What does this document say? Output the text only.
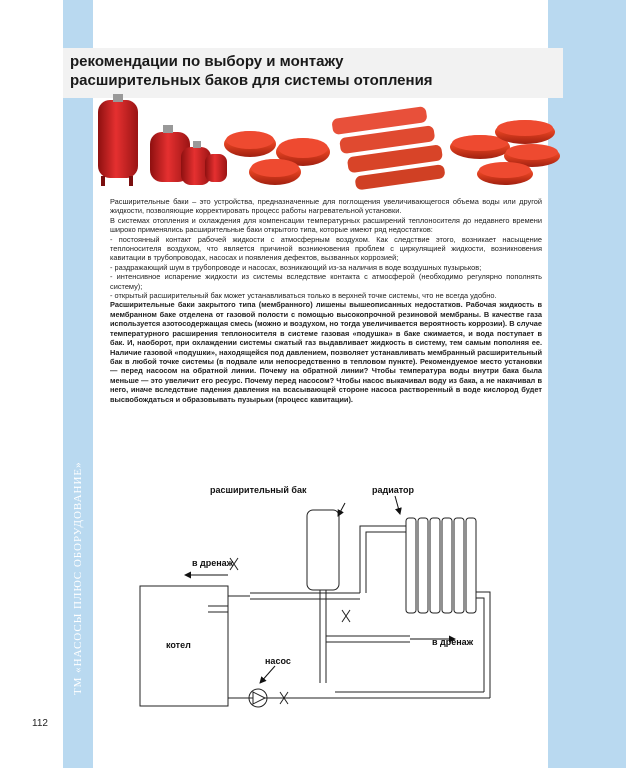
ТМ «НАСОСЫ ПЛЮС ОБОРУДОВАНИЕ»
рекомендации по выбору и монтажу
расширительных баков для системы отопления

Расширительные баки – это устройства, предназначенные для поглощения увеличивающегося объема воды или другой жидкости, позволяющие корректировать процесс работы нагревательной установки.

В системах отопления и охлаждения для компенсации температурных расширений теплоносителя до недавнего времени широко применялись расширительные баки открытого типа, которые имеют ряд недостатков:

- постоянный контакт рабочей жидкости с атмосферным воздухом. Как следствие этого, возникает насыщение теплоносителя воздухом, что является причиной возникновения проблем с циркулящией жидкости, возникновения кавитации в трубопроводах, насосах и появления дефектов, вызванных коррозией;

- раздражающий шум в трубопроводе и насосах, возникающий из-за наличия в воде воздушных пузырьков;

- интенсивное испарение жидкости из системы вследствие контакта с атмосферой (необходимо регулярно пополнять систему);

- открытый расширительный бак может устанавливаться только в верхней точке системы, что не всегда удобно.

Расширительные баки закрытого типа (мембранного) лишены вышеописанных недостатков. Рабочая жидкость в мембранном баке отделена от газовой полости с помощью высокопрочной резиновой мембраны. В качестве газа используется азотосодержащая смесь (можно и воздухом, но тогда увеличивается вероятность коррозии). В случае температурного расширения теплоносителя в системе газовая «подушка» в баке сжимается, и вода поступает в бак. И, наоборот, при охлаждении системы сжатый газ выдавливает жидкость в систему, тем самым пополняя ее. Наличие газовой «подушки», находящейся под давлением, позволяет устанавливать мембранный расширительный бак в любой точке системы (в подвале или непосредственно в тепловом пункте). Рекомендуемое место установки — перед насосом на обратной линии. Почему на обратной линии? Чтобы температура воды внутри бака была меньше — это увеличит его ресурс. Почему перед насосом? Чтобы насос выкачивал воду из бака, а не накачивал в него, иначе вследствие падения давления на всасывающей стороне насоса растворенный в воде кислород будет высвобождаться и образовывать пузырьки (процесс кавитации).

расширительный бак	радиатор
в дренаж
в дренаж
котел
насос
112
